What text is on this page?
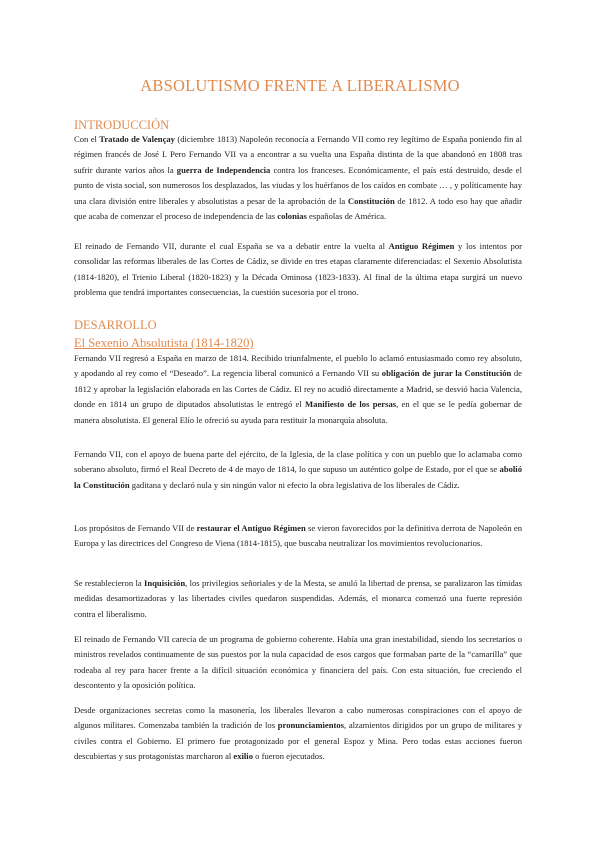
ABSOLUTISMO FRENTE A LIBERALISMO
INTRODUCCIÓN

Con el Tratado de Valençay (diciembre 1813) Napoleón reconocía a Fernando VII como rey legítimo de España poniendo fin al régimen francés de José I. Pero Fernando VII va a encontrar a su vuelta una España distinta de la que abandonó en 1808 tras sufrir durante varios años la guerra de Independencia contra los franceses. Económicamente, el país está destruido, desde el punto de vista social, son numerosos los desplazados, las viudas y los huérfanos de los caídos en combate … , y políticamente hay una clara división entre liberales y absolutistas a pesar de la aprobación de la Constitución de 1812. A todo eso hay que añadir que acaba de comenzar el proceso de independencia de las colonias españolas de América.

El reinado de Fernando VII, durante el cual España se va a debatir entre la vuelta al Antiguo Régimen y los intentos por consolidar las reformas liberales de las Cortes de Cádiz, se divide en tres etapas claramente diferenciadas: el Sexenio Absolutista (1814-1820), el Trienio Liberal (1820-1823) y la Década Ominosa (1823-1833). Al final de la última etapa surgirá un nuevo problema que tendrá importantes consecuencias, la cuestión sucesoria por el trono.

DESARROLLO
El Sexenio Absolutista (1814-1820)

Fernando VII regresó a España en marzo de 1814. Recibido triunfalmente, el pueblo lo aclamó entusiasmado como rey absoluto, y apodando al rey como el “Deseado”. La regencia liberal comunicó a Fernando VII su obligación de jurar la Constitución de 1812 y aprobar la legislación elaborada en las Cortes de Cádiz. El rey no acudió directamente a Madrid, se desvió hacia Valencia, donde en 1814 un grupo de diputados absolutistas le entregó el Manifiesto de los persas, en el que se le pedía gobernar de manera absolutista. El general Elío le ofreció su ayuda para restituir la monarquía absoluta.

Fernando VII, con el apoyo de buena parte del ejército, de la Iglesia, de la clase política y con un pueblo que lo aclamaba como soberano absoluto, firmó el Real Decreto de 4 de mayo de 1814, lo que supuso un auténtico golpe de Estado, por el que se abolió la Constitución gaditana y declaró nula y sin ningún valor ni efecto la obra legislativa de los liberales de Cádiz.

Los propósitos de Fernando VII de restaurar el Antiguo Régimen se vieron favorecidos por la definitiva derrota de Napoleón en Europa y las directrices del Congreso de Viena (1814-1815), que buscaba neutralizar los movimientos revolucionarios.

Se restablecieron la Inquisición, los privilegios señoriales y de la Mesta, se anuló la libertad de prensa, se paralizaron las tímidas medidas desamortizadoras y las libertades civiles quedaron suspendidas. Además, el monarca comenzó una fuerte represión contra el liberalismo.

El reinado de Fernando VII carecía de un programa de gobierno coherente. Había una gran inestabilidad, siendo los secretarios o ministros revelados continuamente de sus puestos por la nula capacidad de esos cargos que formaban parte de la “camarilla” que rodeaba al rey para hacer frente a la difícil situación económica y financiera del país. Con esta situación, fue creciendo el descontento y la oposición política.

Desde organizaciones secretas como la masonería, los liberales llevaron a cabo numerosas conspiraciones con el apoyo de algunos militares. Comenzaba también la tradición de los pronunciamientos, alzamientos dirigidos por un grupo de militares y civiles contra el Gobierno. El primero fue protagonizado por el general Espoz y Mina. Pero todas estas acciones fueron descubiertas y sus protagonistas marcharon al exilio o fueron ejecutados.
